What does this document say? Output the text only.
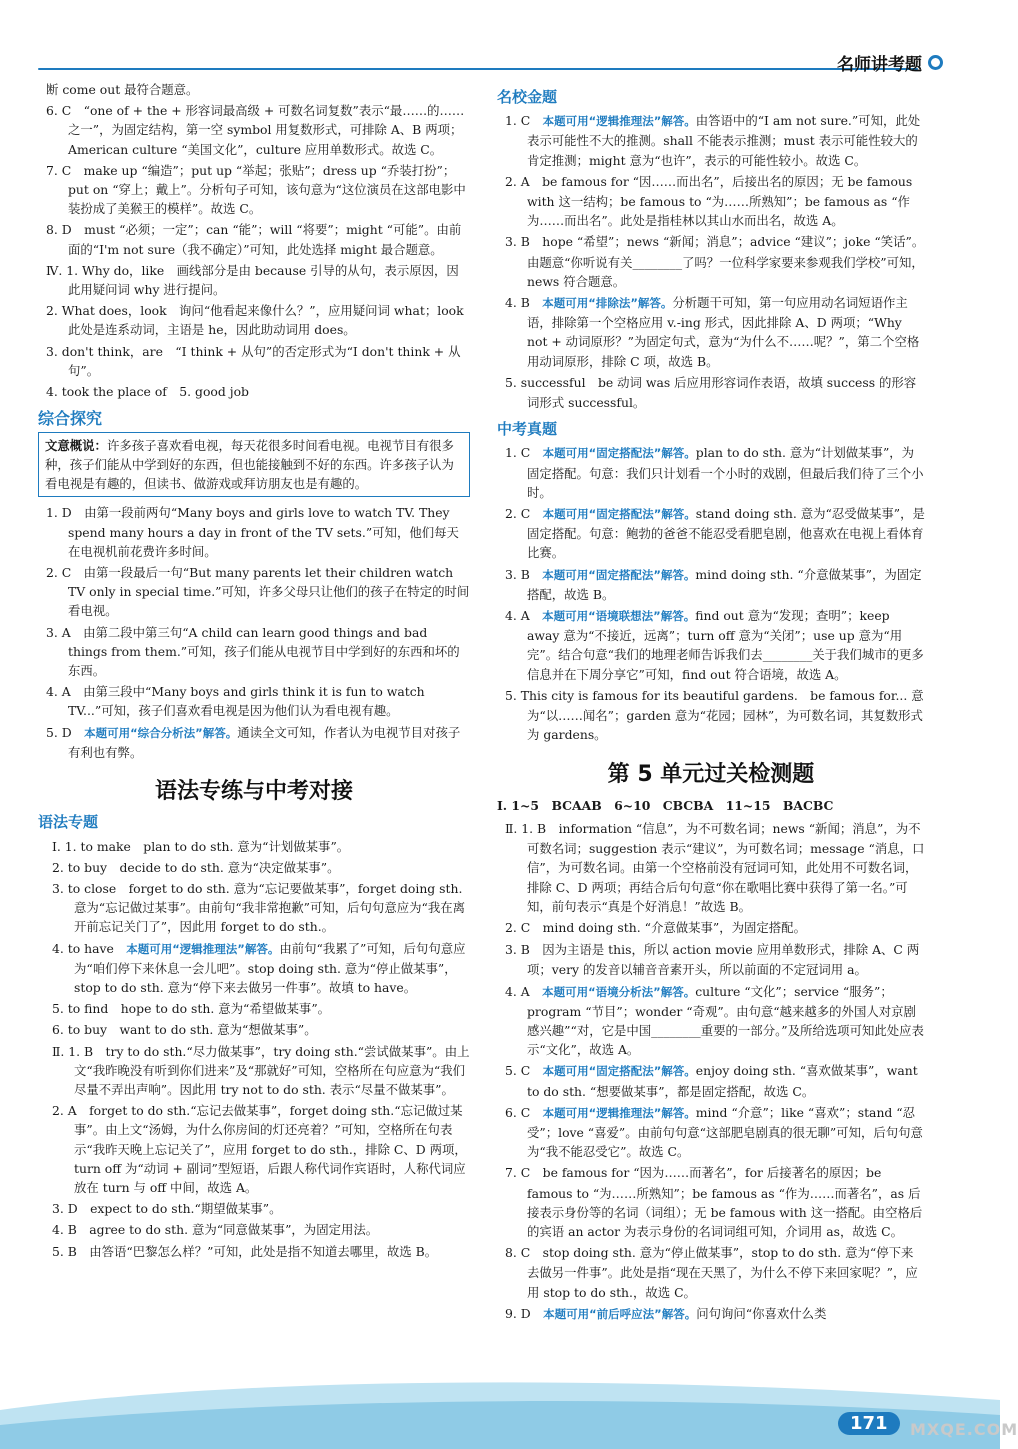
名师讲考题
断 come out 最符合题意。
6. C　“one of + the + 形容词最高级 + 可数名词复数”表示“最……的……之一”，为固定结构，第一空 symbol 用复数形式，可排除 A、B 两项；American culture “美国文化”，culture 应用单数形式。故选 C。
7. C　make up “编造”；put up “举起；张贴”；dress up “乔装打扮”；put on “穿上；戴上”。分析句子可知，该句意为“这位演员在这部电影中装扮成了美猴王的模样”。故选 C。
8. D　must “必须；一定”；can “能”；will “将要”；might “可能”。由前面的“I'm not sure（我不确定）”可知，此处选择 might 最合题意。
Ⅳ. 1. Why do，like　画线部分是由 because 引导的从句，表示原因，因此用疑问词 why 进行提问。
2. What does，look　询问“他看起来像什么？”，应用疑问词 what；look 此处是连系动词，主语是 he，因此助动词用 does。
3. don't think，are　“I think + 从句”的否定形式为“I don't think + 从句”。
4. took the place of　5. good job
综合探究
文意概说：许多孩子喜欢看电视，每天花很多时间看电视。电视节目有很多种，孩子们能从中学到好的东西，但也能接触到不好的东西。许多孩子认为看电视是有趣的，但读书、做游戏或拜访朋友也是有趣的。
1. D　由第一段前两句“Many boys and girls love to watch TV. They spend many hours a day in front of the TV sets.”可知，他们每天在电视机前花费许多时间。
2. C　由第一段最后一句“But many parents let their children watch TV only in special time.”可知，许多父母只让他们的孩子在特定的时间看电视。
3. A　由第二段中第三句“A child can learn good things and bad things from them.”可知，孩子们能从电视节目中学到好的东西和坏的东西。
4. A　由第三段中“Many boys and girls think it is fun to watch TV...”可知，孩子们喜欢看电视是因为他们认为看电视有趣。
5. D　本题可用“综合分析法”解答。通读全文可知，作者认为电视节目对孩子有利也有弊。
语法专练与中考对接
语法专题
Ⅰ. 1. to make　plan to do sth. 意为“计划做某事”。
2. to buy　decide to do sth. 意为“决定做某事”。
3. to close　forget to do sth. 意为“忘记要做某事”，forget doing sth. 意为“忘记做过某事”。由前句“我非常抱歉”可知，后句句意应为“我在离开前忘记关门了”，因此用 forget to do sth.。
4. to have　本题可用“逻辑推理法”解答。由前句“我累了”可知，后句句意应为“咱们停下来休息一会儿吧”。stop doing sth. 意为“停止做某事”，stop to do sth. 意为“停下来去做另一件事”。故填 to have。
5. to find　hope to do sth. 意为“希望做某事”。
6. to buy　want to do sth. 意为“想做某事”。
Ⅱ. 1. B　try to do sth.“尽力做某事”，try doing sth.“尝试做某事”。由上文“我昨晚没有听到你们进来”及“那就好”可知，空格所在句应意为“我们尽量不弄出声响”。因此用 try not to do sth. 表示“尽量不做某事”。
2. A　forget to do sth.“忘记去做某事”，forget doing sth.“忘记做过某事”。由上文“汤姆，为什么你房间的灯还亮着？”可知，空格所在句表示“我昨天晚上忘记关了”，应用 forget to do sth.，排除 C、D 两项，turn off 为“动词 + 副词”型短语，后跟人称代词作宾语时，人称代词应放在 turn 与 off 中间，故选 A。
3. D　expect to do sth.“期望做某事”。
4. B　agree to do sth. 意为“同意做某事”，为固定用法。
5. B　由答语“巴黎怎么样？”可知，此处是指不知道去哪里，故选 B。
名校金题
1. C　本题可用“逻辑推理法”解答。由答语中的“I am not sure.”可知，此处表示可能性不大的推测。shall 不能表示推测；must 表示可能性较大的肯定推测；might 意为“也许”，表示的可能性较小。故选 C。
2. A　be famous for “因……而出名”，后接出名的原因；无 be famous with 这一结构；be famous to “为……所熟知”；be famous as “作为……而出名”。此处是指桂林以其山水而出名，故选 A。
3. B　hope “希望”；news “新闻；消息”；advice “建议”；joke “笑话”。由题意“你听说有关________了吗？一位科学家要来参观我们学校”可知，news 符合题意。
4. B　本题可用“排除法”解答。分析题干可知，第一句应用动名词短语作主语，排除第一个空格应用 v.-ing 形式，因此排除 A、D 两项；“Why not + 动词原形？”为固定句式，意为“为什么不……呢？”，第二个空格用动词原形，排除 C 项，故选 B。
5. successful　be 动词 was 后应用形容词作表语，故填 success 的形容词形式 successful。
中考真题
1. C　本题可用“固定搭配法”解答。plan to do sth. 意为“计划做某事”，为固定搭配。句意：我们只计划看一个小时的戏剧，但最后我们待了三个小时。
2. C　本题可用“固定搭配法”解答。stand doing sth. 意为“忍受做某事”，是固定搭配。句意：鲍勃的爸爸不能忍受看肥皂剧，他喜欢在电视上看体育比赛。
3. B　本题可用“固定搭配法”解答。mind doing sth. “介意做某事”，为固定搭配，故选 B。
4. A　本题可用“语境联想法”解答。find out 意为“发现；查明”；keep away 意为“不接近，远离”；turn off 意为“关闭”；use up 意为“用完”。结合句意“我们的地理老师告诉我们去________关于我们城市的更多信息并在下周分享它”可知，find out 符合语境，故选 A。
5. This city is famous for its beautiful gardens.　be famous for... 意为“以……闻名”；garden 意为“花园；园林”，为可数名词，其复数形式为 gardens。
第 5 单元过关检测题
Ⅰ. 1~5　BCAAB　6~10　CBCBA　11~15　BACBC
Ⅱ. 1. B　information “信息”，为不可数名词；news “新闻；消息”，为不可数名词；suggestion 表示“建议”，为可数名词；message “消息，口信”，为可数名词。由第一个空格前没有冠词可知，此处用不可数名词，排除 C、D 两项；再结合后句句意“你在歌唱比赛中获得了第一名。”可知，前句表示“真是个好消息！”故选 B。
2. C　mind doing sth. “介意做某事”，为固定搭配。
3. B　因为主语是 this，所以 action movie 应用单数形式，排除 A、C 两项；very 的发音以辅音音素开头，所以前面的不定冠词用 a。
4. A　本题可用“语境分析法”解答。culture “文化”；service “服务”；program “节目”；wonder “奇观”。由句意“越来越多的外国人对京剧感兴趣”“对，它是中国________重要的一部分。”及所给选项可知此处应表示“文化”，故选 A。
5. C　本题可用“固定搭配法”解答。enjoy doing sth. “喜欢做某事”，want to do sth. “想要做某事”，都是固定搭配，故选 C。
6. C　本题可用“逻辑推理法”解答。mind “介意”；like “喜欢”；stand “忍受”；love “喜爱”。由前句句意“这部肥皂剧真的很无聊”可知，后句句意为“我不能忍受它”。故选 C。
7. C　be famous for “因为……而著名”，for 后接著名的原因；be famous to “为……所熟知”；be famous as “作为……而著名”，as 后接表示身份等的名词（词组）；无 be famous with 这一搭配。由空格后的宾语 an actor 为表示身份的名词词组可知，介词用 as，故选 C。
8. C　stop doing sth. 意为“停止做某事”，stop to do sth. 意为“停下来去做另一件事”。此处是指“现在天黑了，为什么不停下来回家呢？”，应用 stop to do sth.，故选 C。
9. D　本题可用“前后呼应法”解答。问句询问“你喜欢什么类
171	MXQE.COM
